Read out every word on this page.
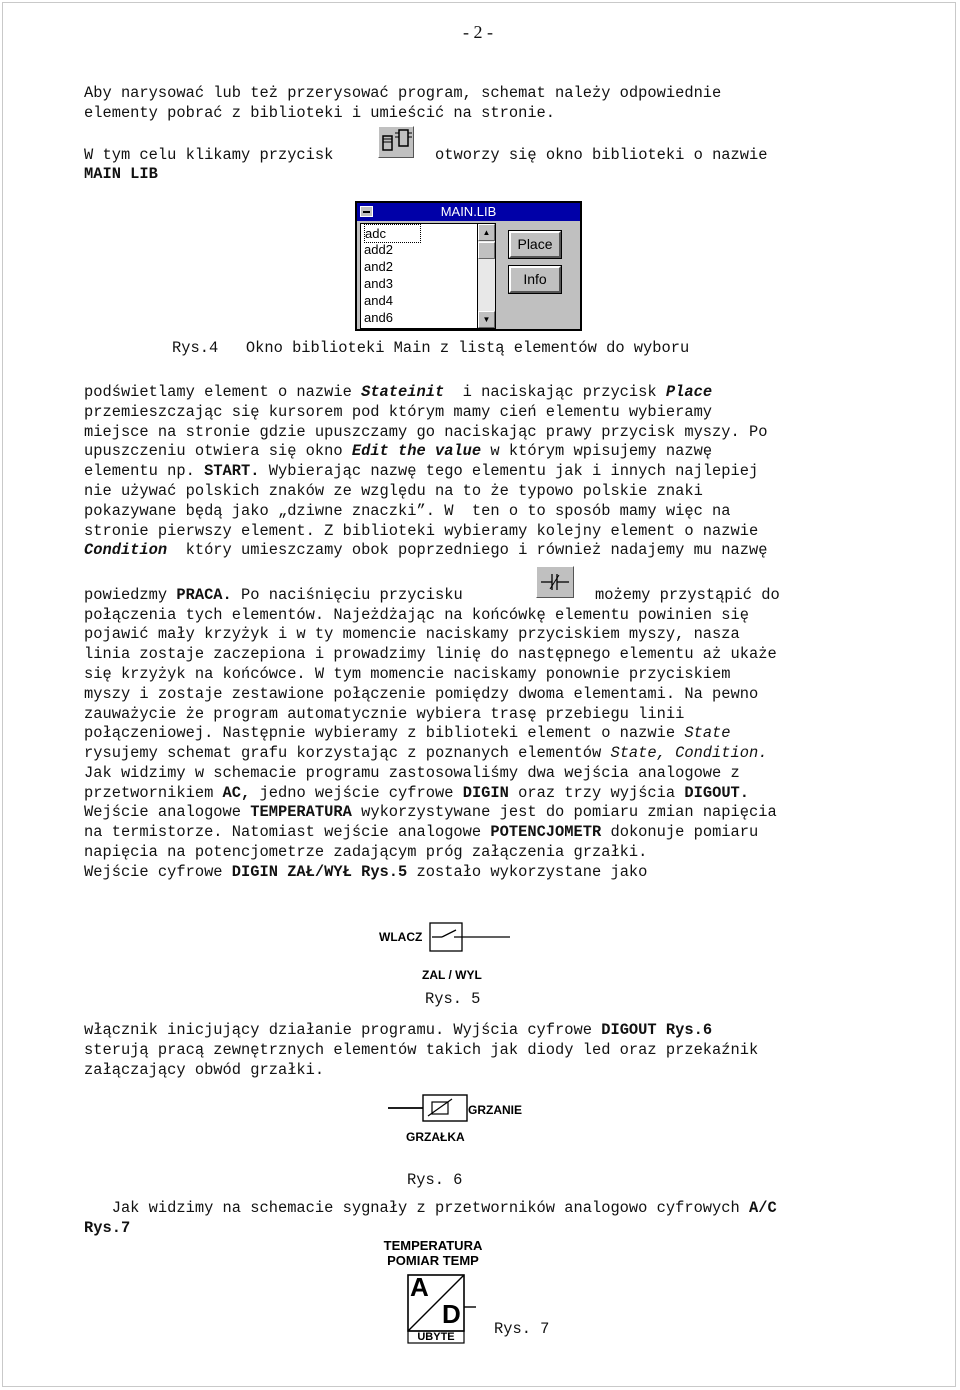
- 2 -
Aby narysować lub też przerysować program, schemat należy odpowiednie
elementy pobrać z biblioteki i umieścić na stronie.
W tym celu klikamy przycisk	otworzy się okno biblioteki o nazwie
MAIN LIB
MAIN.LIB
adc
add2
and2
and3
and4
and6
▲
▼
Place
Info
Rys.4   Okno biblioteki Main z listą elementów do wyboru
podświetlamy element o nazwie Stateinit  i naciskając przycisk Place
przemieszczając się kursorem pod którym mamy cień elementu wybieramy
miejsce na stronie gdzie upuszczamy go naciskając prawy przycisk myszy. Po
upuszczeniu otwiera się okno Edit the value w którym wpisujemy nazwę
elementu np. START. Wybierając nazwę tego elementu jak i innych najlepiej
nie używać polskich znaków ze względu na to że typowo polskie znaki
pokazywane będą jako „dziwne znaczki”. W  ten o to sposób mamy więc na
stronie pierwszy element. Z biblioteki wybieramy kolejny element o nazwie
Condition  który umieszczamy obok poprzedniego i również nadajemy mu nazwę
powiedzmy PRACA. Po naciśnięciu przycisku	możemy przystąpić do
połączenia tych elementów. Najeżdżając na końcówkę elementu powinien się
pojawić mały krzyżyk i w ty momencie naciskamy przyciskiem myszy, nasza
linia zostaje zaczepiona i prowadzimy linię do następnego elementu aż ukaże
się krzyżyk na końcówce. W tym momencie naciskamy ponownie przyciskiem
myszy i zostaje zestawione połączenie pomiędzy dwoma elementami. Na pewno
zauważycie że program automatycznie wybiera trasę przebiegu linii
połączeniowej. Następnie wybieramy z biblioteki element o nazwie State
rysujemy schemat grafu korzystając z poznanych elementów State, Condition.
Jak widzimy w schemacie programu zastosowaliśmy dwa wejścia analogowe z
przetwornikiem AC, jedno wejście cyfrowe DIGIN oraz trzy wyjścia DIGOUT.
Wejście analogowe TEMPERATURA wykorzystywane jest do pomiaru zmian napięcia
na termistorze. Natomiast wejście analogowe POTENCJOMETR dokonuje pomiaru
napięcia na potencjometrze zadającym próg załączenia grzałki.
Wejście cyfrowe DIGIN ZAŁ/WYŁ Rys.5 zostało wykorzystane jako
Rys. 5
włącznik inicjujący działanie programu. Wyjścia cyfrowe DIGOUT Rys.6
sterują pracą zewnętrznych elementów takich jak diody led oraz przekaźnik
załączający obwód grzałki.
Rys. 6
Jak widzimy na schemacie sygnały z przetworników analogowo cyfrowych A/C
Rys.7
Rys. 7
WLACZ
ZAL / WYL
GRZANIE
GRZAŁKA
TEMPERATURA
POMIAR TEMP
A
D
UBYTE
